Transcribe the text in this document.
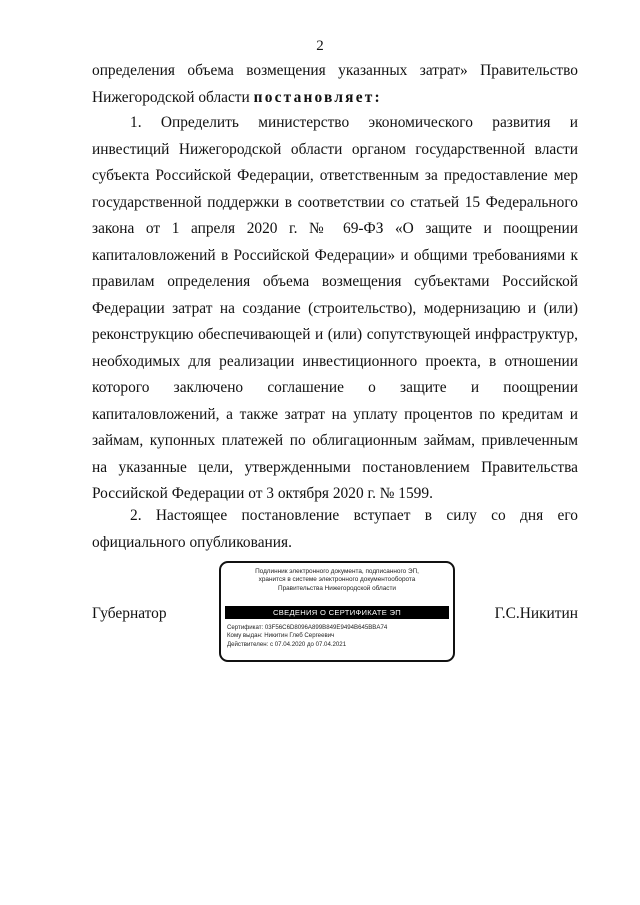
2

определения объема возмещения указанных затрат» Правительство Нижегородской области постановляет:

1. Определить министерство экономического развития и инвестиций Нижегородской области органом государственной власти субъекта Российской Федерации, ответственным за предоставление мер государственной поддержки в соответствии со статьей 15 Федерального закона от 1 апреля 2020 г. № 69-ФЗ «О защите и поощрении капиталовложений в Российской Федерации» и общими требованиями к правилам определения объема возмещения субъектами Российской Федерации затрат на создание (строительство), модернизацию и (или) реконструкцию обеспечивающей и (или) сопутствующей инфраструктур, необходимых для реализации инвестиционного проекта, в отношении которого заключено соглашение о защите и поощрении капиталовложений, а также затрат на уплату процентов по кредитам и займам, купонных платежей по облигационным займам, привлеченным на указанные цели, утвержденными постановлением Правительства Российской Федерации от 3 октября 2020 г. № 1599.

2. Настоящее постановление вступает в силу со дня его официального опубликования.

Губернатор	Г.С.Никитин
Подлинник электронного документа, подписанного ЭП,
хранится в системе электронного документооборота
Правительства Нижегородской области
СВЕДЕНИЯ О СЕРТИФИКАТЕ ЭП
Сертификат: 03F56C6D8096A899B849E9494B645BBA74
Кому выдан: Никитин Глеб Сергеевич
Действителен: с 07.04.2020 до 07.04.2021
